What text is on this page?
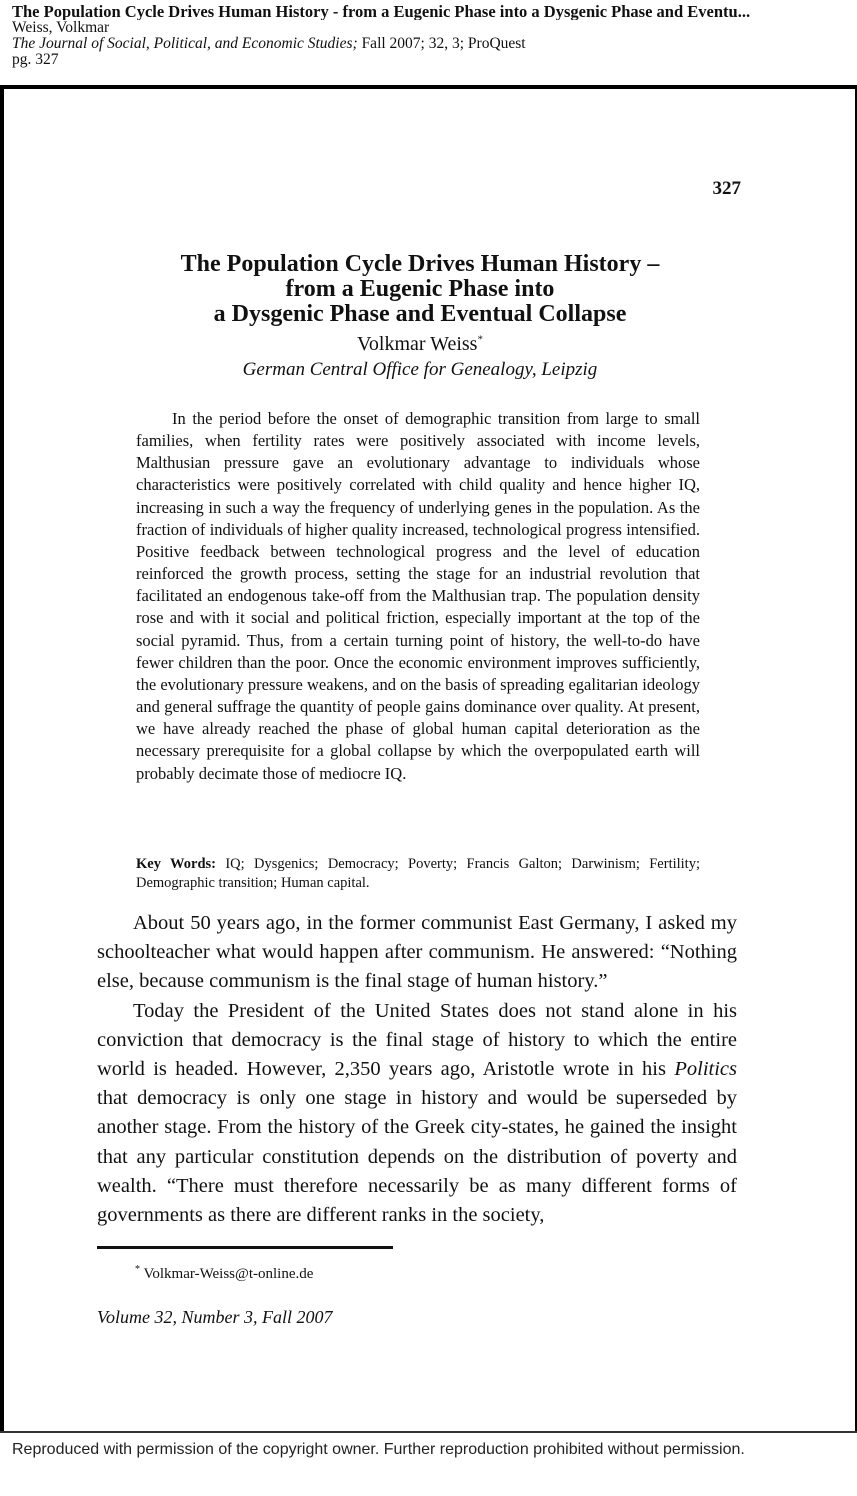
The Population Cycle Drives Human History - from a Eugenic Phase into a Dysgenic Phase and Eventu...
Weiss, Volkmar
The Journal of Social, Political, and Economic Studies; Fall 2007; 32, 3; ProQuest
pg. 327
327
The Population Cycle Drives Human History –
from a Eugenic Phase into
a Dysgenic Phase and Eventual Collapse
Volkmar Weiss*
German Central Office for Genealogy, Leipzig
In the period before the onset of demographic transition from large to small families, when fertility rates were positively associated with income levels, Malthusian pressure gave an evolutionary advantage to individuals whose characteristics were positively correlated with child quality and hence higher IQ, increasing in such a way the frequency of underlying genes in the population. As the fraction of individuals of higher quality increased, technological progress intensified. Positive feedback between technological progress and the level of education reinforced the growth process, setting the stage for an industrial revolution that facilitated an endogenous take-off from the Malthusian trap. The population density rose and with it social and political friction, especially important at the top of the social pyramid. Thus, from a certain turning point of history, the well-to-do have fewer children than the poor. Once the economic environment improves sufficiently, the evolutionary pressure weakens, and on the basis of spreading egalitarian ideology and general suffrage the quantity of people gains dominance over quality. At present, we have already reached the phase of global human capital deterioration as the necessary prerequisite for a global collapse by which the overpopulated earth will probably decimate those of mediocre IQ.
Key Words: IQ; Dysgenics; Democracy; Poverty; Francis Galton; Darwinism; Fertility; Demographic transition; Human capital.

About 50 years ago, in the former communist East Germany, I asked my schoolteacher what would happen after communism. He answered: “Nothing else, because communism is the final stage of human history.”

Today the President of the United States does not stand alone in his conviction that democracy is the final stage of history to which the entire world is headed. However, 2,350 years ago, Aristotle wrote in his Politics that democracy is only one stage in history and would be superseded by another stage. From the history of the Greek city-states, he gained the insight that any particular constitution depends on the distribution of poverty and wealth. “There must therefore necessarily be as many different forms of governments as there are different ranks in the society,

* Volkmar-Weiss@t-online.de
Volume 32, Number 3, Fall 2007
Reproduced with permission of the copyright owner. Further reproduction prohibited without permission.
